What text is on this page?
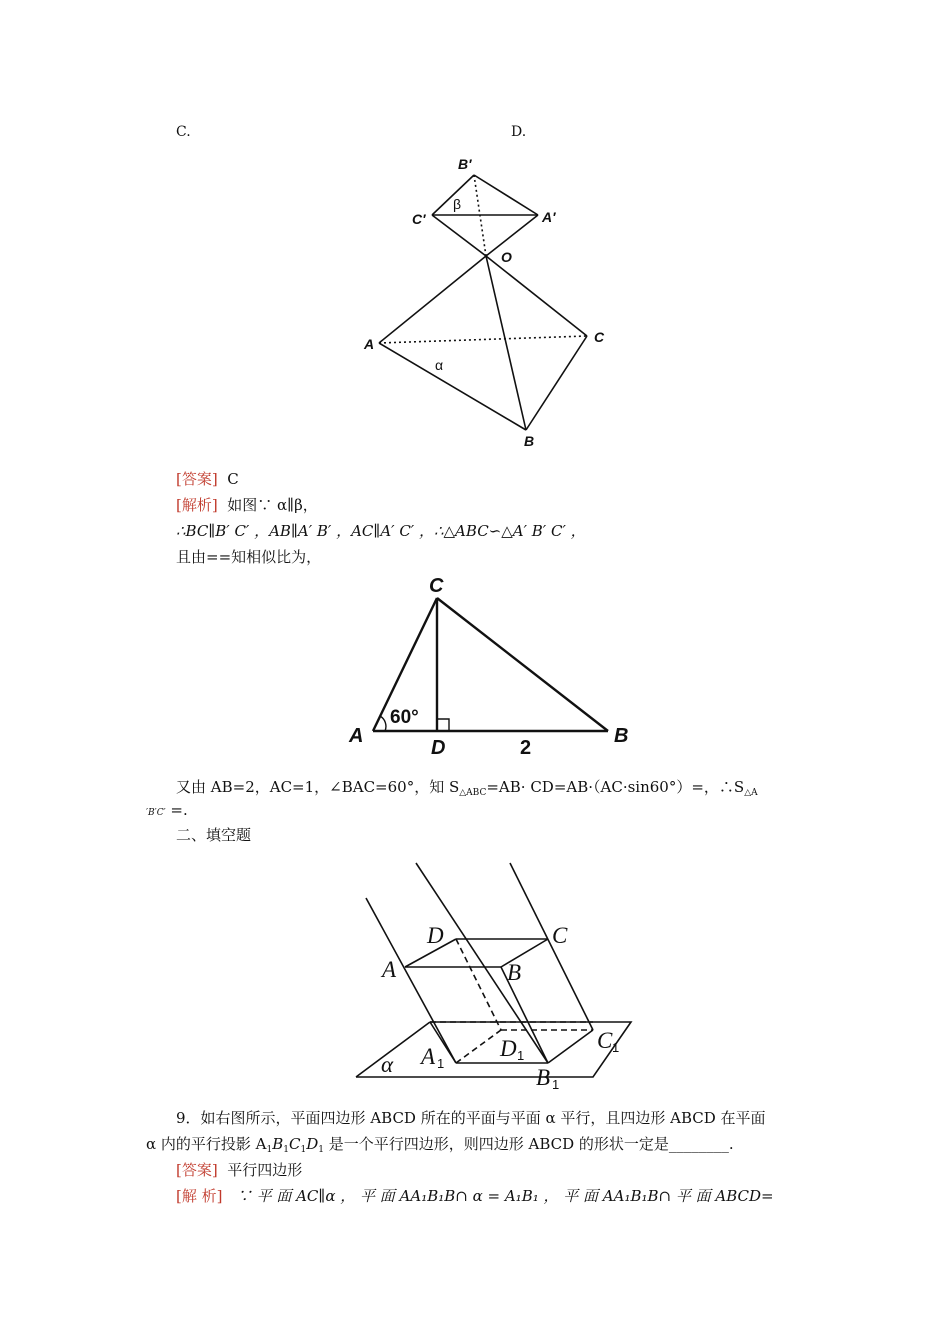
C.	D.
B′
C′	A′
β
O
A	C
B
α
[答案] C
[解析] 如图∵ α∥β，
∴BC∥B′ C′ ，AB∥A′ B′ ，AC∥A′ C′ ，∴△ABC∽△A′ B′ C′ ，
且由==知相似比为，
C
A
D
B
60°
2
又由 AB=2，AC=1，∠BAC=60°，知 $S_{\triangle ABC}=AB\cdot CD=AB\cdot(AC\cdot\sin 60^\circ)=$，$\therefore S_{\triangle A}$
′B′C′ =.
二、填空题
D	C
A	B
α A 1
D 1
C 1
B 1
9．如右图所示，平面四边形 ABCD 所在的平面与平面 α 平行，且四边形 ABCD 在平面
α 内的平行投影 $A_1B_1C_1D_1$ 是一个平行四边形，则四边形 ABCD 的形状一定是________.
[答案] 平行四边形
[解 析] ∵ 平 面 AC∥α ， 平 面 AA₁B₁B∩ α = A₁B₁ ， 平 面 AA₁B₁B∩ 平 面 ABCD=
